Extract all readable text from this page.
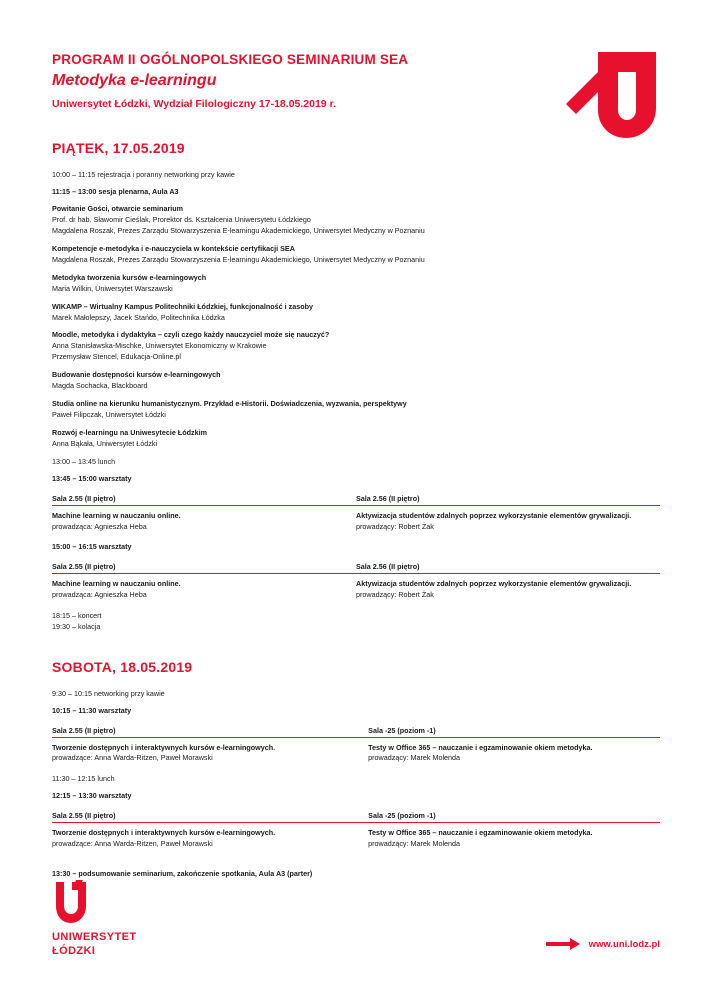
PROGRAM II OGÓLNOPOLSKIEGO SEMINARIUM SEA
Metodyka e-learningu
Uniwersytet Łódzki, Wydział Filologiczny 17-18.05.2019 r.
PIĄTEK, 17.05.2019

10:00 – 11:15 rejestracja i poranny networking przy kawie

11:15 – 13:00 sesja plenarna, Aula A3

Powitanie Gości, otwarcie seminarium

Prof. dr hab. Sławomir Cieślak, Prorektor ds. Kształcenia Uniwersytetu Łódzkiego

Magdalena Roszak, Prezes Zarządu Stowarzyszenia E-learningu Akademickiego, Uniwersytet Medyczny w Poznaniu

Kompetencje e-metodyka i e-nauczyciela w kontekście certyfikacji SEA

Magdalena Roszak, Prezes Zarządu Stowarzyszenia E-learningu Akademickiego, Uniwersytet Medyczny w Poznaniu

Metodyka tworzenia kursów e-learningowych

Maria Wilkin, Uniwersytet Warszawski

WIKAMP – Wirtualny Kampus Politechniki Łódzkiej, funkcjonalność i zasoby

Marek Małolepszy, Jacek Stańdo, Politechnika Łódzka

Moodle, metodyka i dydaktyka – czyli czego każdy nauczyciel może się nauczyć?

Anna Stanisławska-Mischke, Uniwersytet Ekonomiczny w Krakowie

Przemysław Stencel, Edukacja-Online.pl

Budowanie dostępności kursów e-learningowych

Magda Sochacka, Blackboard

Studia online na kierunku humanistycznym. Przykład e-Historii. Doświadczenia, wyzwania, perspektywy

Paweł Filipczak, Uniwersytet Łódzki

Rozwój e-learningu na Uniwesytecie Łódzkim

Anna Bąkała, Uniwersytet Łódzki

13:00 – 13:45 lunch

13:45 – 15:00 warsztaty

Sala 2.55 (II piętro)	Sala 2.56 (II piętro)
Machine learning w nauczaniu online.
prowadząca: Agnieszka Heba
Aktywizacja studentów zdalnych poprzez wykorzystanie elementów grywalizacji.
prowadzący: Robert Żak

15:00 – 16:15 warsztaty

Sala 2.55 (II piętro)	Sala 2.56 (II piętro)
Machine learning w nauczaniu online.
prowadząca: Agnieszka Heba
Aktywizacja studentów zdalnych poprzez wykorzystanie elementów grywalizacji.
prowadzący: Robert Żak

18:15 – koncert

19:30 – kolacja

SOBOTA, 18.05.2019

9:30 – 10:15 networking przy kawie

10:15 – 11:30 warsztaty

Sala 2.55 (II piętro)	Sala -25 (poziom -1)
Tworzenie dostępnych i interaktywnych kursów e-learningowych.
prowadzące: Anna Warda-Ritzen, Paweł Morawski
Testy w Office 365 – nauczanie i egzaminowanie okiem metodyka.
prowadzący: Marek Molenda

11:30 – 12:15 lunch

12:15 – 13:30 warsztaty

Sala 2.55 (II piętro)	Sala -25 (poziom -1)
Tworzenie dostępnych i interaktywnych kursów e-learningowych.
prowadzące: Anna Warda-Ritzen, Paweł Morawski
Testy w Office 365 – nauczanie i egzaminowanie okiem metodyka.
prowadzący: Marek Molenda

13:30 – podsumowanie seminarium, zakończenie spotkania, Aula A3 (parter)

UNIWERSYTET
ŁÓDZKI
www.uni.lodz.pl
